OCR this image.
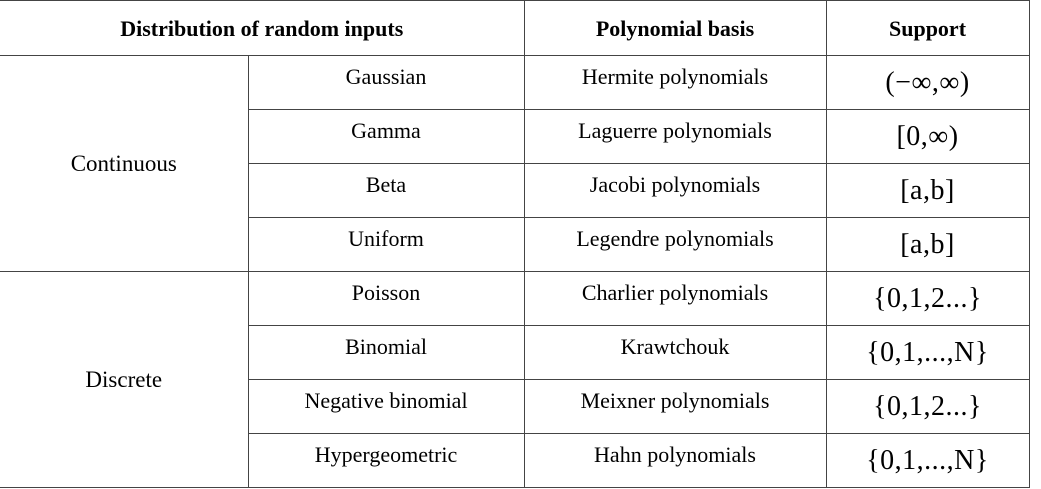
Distribution of random inputs		Polynomial basis	Support
Continuous	Gaussian	Hermite polynomials	(−∞,∞)
	Gamma	Laguerre polynomials	[0,∞)
	Beta	Jacobi polynomials	[a,b]
	Uniform	Legendre polynomials	[a,b]
Discrete	Poisson	Charlier polynomials	{0,1,2...}
	Binomial	Krawtchouk	{0,1,...,N}
	Negative binomial	Meixner polynomials	{0,1,2...}
	Hypergeometric	Hahn polynomials	{0,1,...,N}
